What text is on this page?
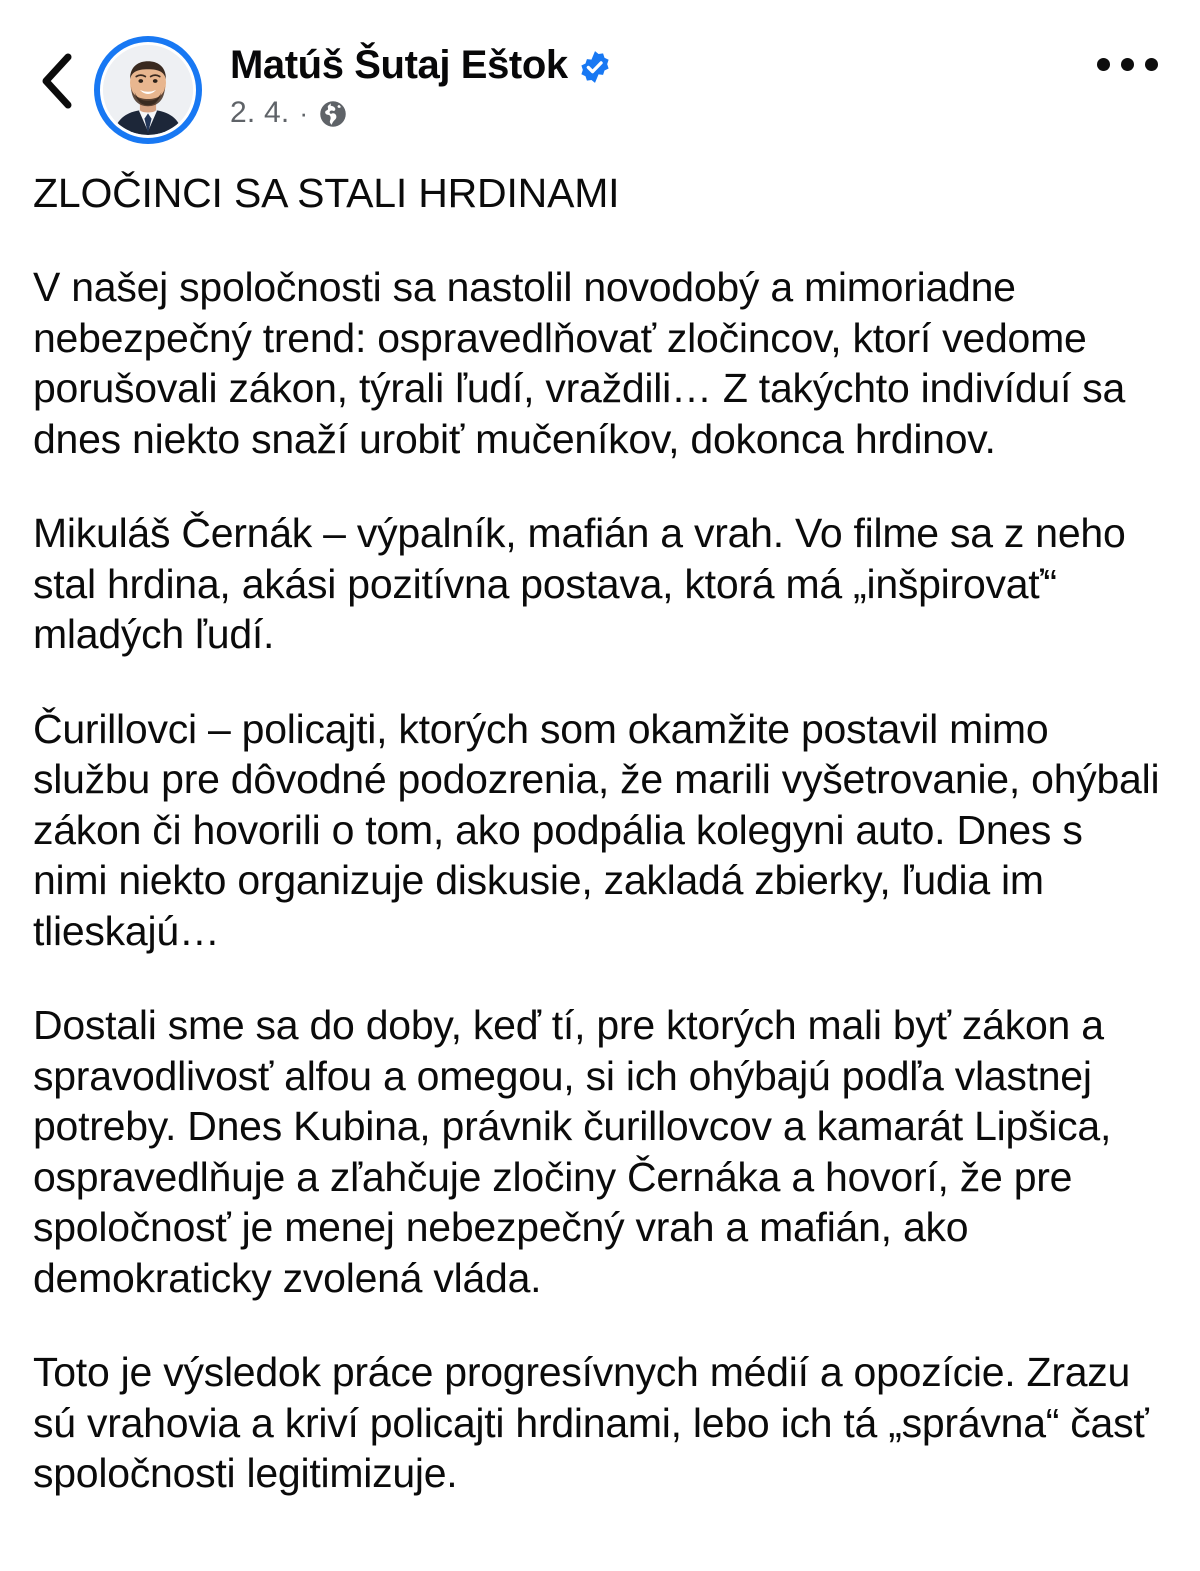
Matúš Šutaj Eštok
2. 4. ·
ZLOČINCI SA STALI HRDINAMI

V našej spoločnosti sa nastolil novodobý a mimoriadne nebezpečný trend: ospravedlňovať zločincov, ktorí vedome porušovali zákon, týrali ľudí, vraždili… Z takýchto indivíduí sa dnes niekto snaží urobiť mučeníkov, dokonca hrdinov.

Mikuláš Černák – výpalník, mafián a vrah. Vo filme sa z neho stal hrdina, akási pozitívna postava, ktorá má „inšpirovať“ mladých ľudí.

Čurillovci – policajti, ktorých som okamžite postavil mimo službu pre dôvodné podozrenia, že marili vyšetrovanie, ohýbali zákon či hovorili o tom, ako podpália kolegyni auto. Dnes s nimi niekto organizuje diskusie, zakladá zbierky, ľudia im tlieskajú…

Dostali sme sa do doby, keď tí, pre ktorých mali byť zákon a spravodlivosť alfou a omegou, si ich ohýbajú podľa vlastnej potreby. Dnes Kubina, právnik čurillovcov a kamarát Lipšica, ospravedlňuje a zľahčuje zločiny Černáka a hovorí, že pre spoločnosť je menej nebezpečný vrah a mafián, ako demokraticky zvolená vláda.

Toto je výsledok práce progresívnych médií a opozície. Zrazu sú vrahovia a kriví policajti hrdinami, lebo ich tá „správna“ časť spoločnosti legitimizuje.
